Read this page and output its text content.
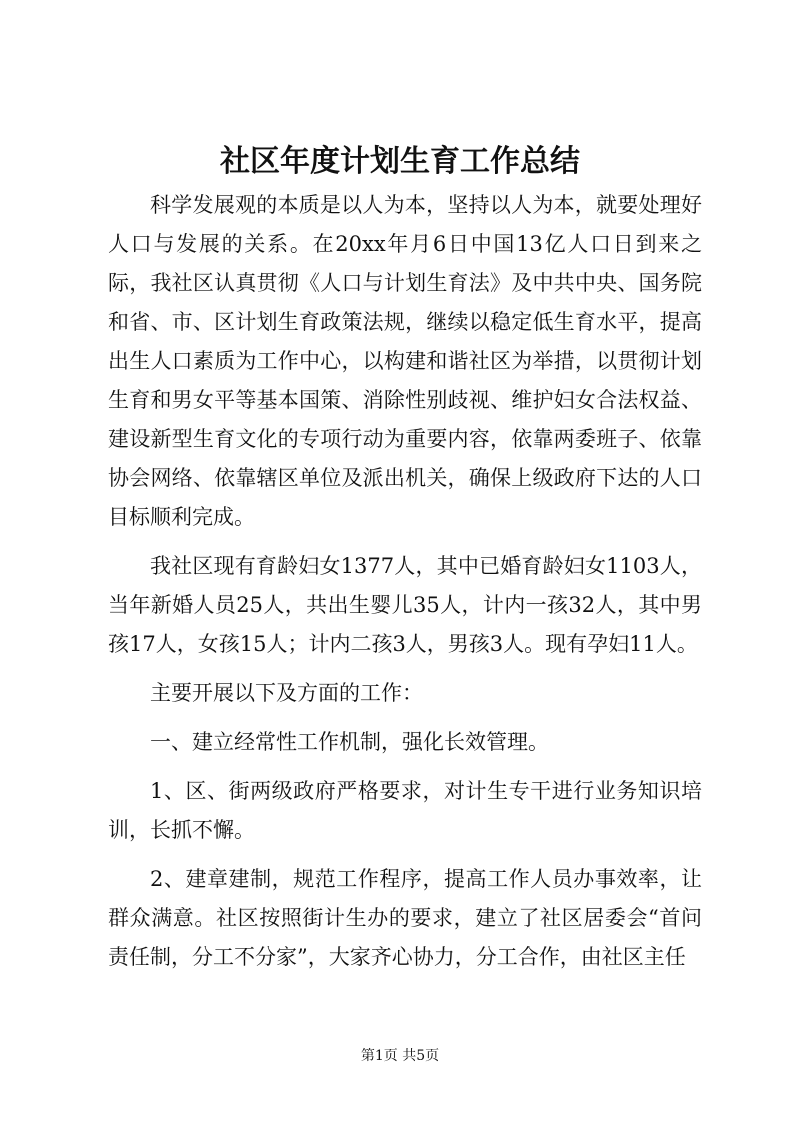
社区年度计划生育工作总结

科学发展观的本质是以人为本，坚持以人为本，就要处理好人口与发展的关系。在20xx年月6日中国13亿人口日到来之际，我社区认真贯彻《人口与计划生育法》及中共中央、国务院和省、市、区计划生育政策法规，继续以稳定低生育水平，提高出生人口素质为工作中心，以构建和谐社区为举措，以贯彻计划生育和男女平等基本国策、消除性别歧视、维护妇女合法权益、建设新型生育文化的专项行动为重要内容，依靠两委班子、依靠协会网络、依靠辖区单位及派出机关，确保上级政府下达的人口目标顺利完成。

我社区现有育龄妇女1377人，其中已婚育龄妇女1103人，当年新婚人员25人，共出生婴儿35人，计内一孩32人，其中男孩17人，女孩15人；计内二孩3人，男孩3人。现有孕妇11人。

主要开展以下及方面的工作：

一、建立经常性工作机制，强化长效管理。

1、区、街两级政府严格要求，对计生专干进行业务知识培训，长抓不懈。

2、建章建制，规范工作程序，提高工作人员办事效率，让群众满意。社区按照街计生办的要求，建立了社区居委会“首问责任制，分工不分家”，大家齐心协力，分工合作，由社区主任

第1页 共5页
